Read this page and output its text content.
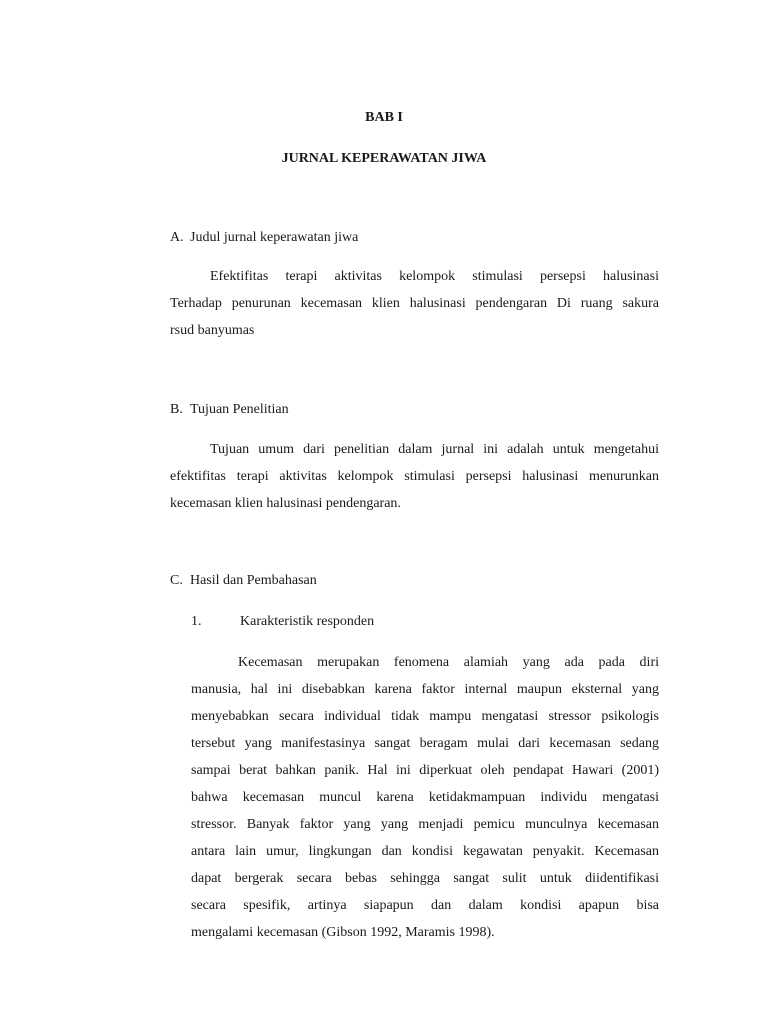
BAB I
JURNAL KEPERAWATAN JIWA
A. Judul jurnal keperawatan jiwa
Efektifitas terapi aktivitas kelompok stimulasi persepsi halusinasi
Terhadap penurunan kecemasan klien halusinasi pendengaran Di ruang sakura
rsud banyumas
B. Tujuan Penelitian
Tujuan umum dari penelitian dalam jurnal ini adalah untuk mengetahui
efektifitas terapi aktivitas kelompok stimulasi persepsi halusinasi menurunkan
kecemasan klien halusinasi pendengaran.
C. Hasil dan Pembahasan
1.	Karakteristik responden
Kecemasan merupakan fenomena alamiah yang ada pada diri
manusia, hal ini disebabkan karena faktor internal maupun eksternal yang
menyebabkan secara individual tidak mampu mengatasi stressor psikologis
tersebut yang manifestasinya sangat beragam mulai dari kecemasan sedang
sampai berat bahkan panik. Hal ini diperkuat oleh pendapat Hawari (2001)
bahwa kecemasan muncul karena ketidakmampuan individu mengatasi
stressor. Banyak faktor yang yang menjadi pemicu munculnya kecemasan
antara lain umur, lingkungan dan kondisi kegawatan penyakit. Kecemasan
dapat bergerak secara bebas sehingga sangat sulit untuk diidentifikasi
secara spesifik, artinya siapapun dan dalam kondisi apapun bisa
mengalami kecemasan (Gibson 1992, Maramis 1998).
